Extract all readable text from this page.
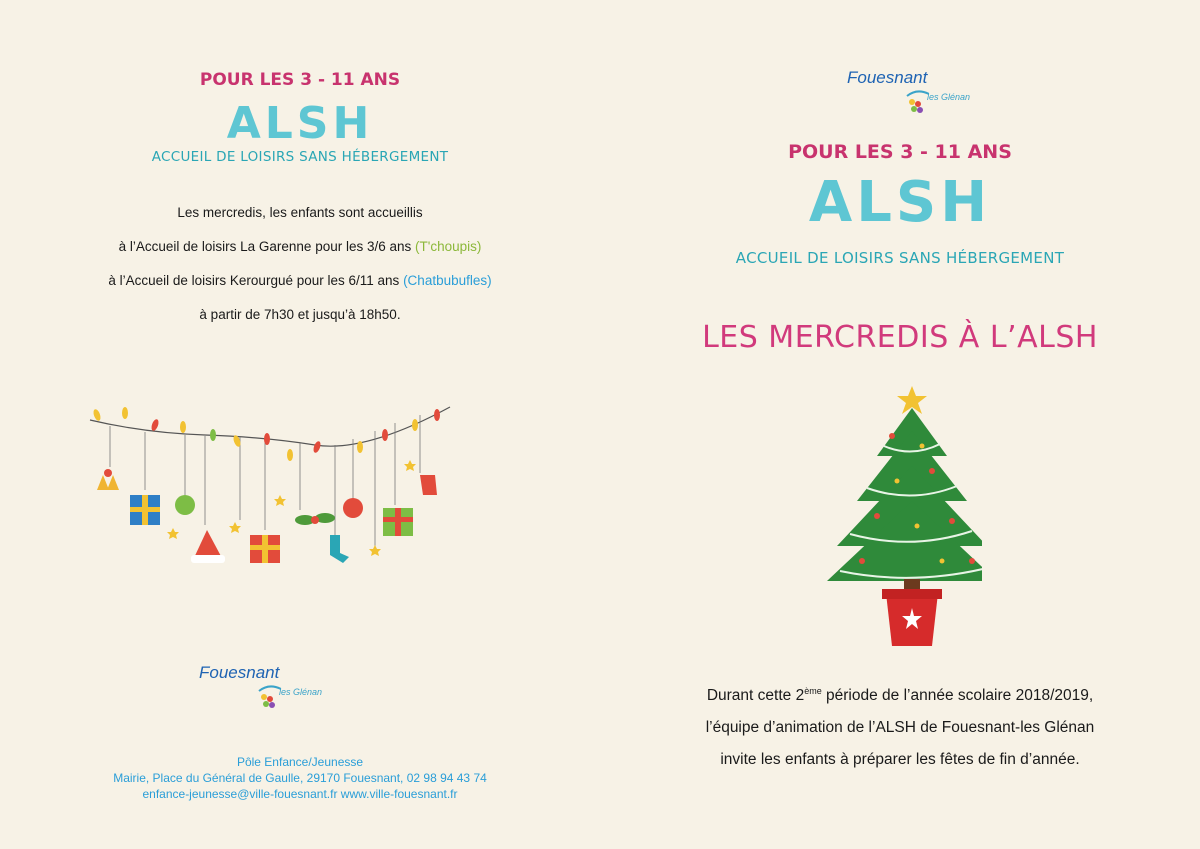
POUR LES 3 - 11 ANS
ALSH
ACCUEIL DE LOISIRS SANS HÉBERGEMENT
Les mercredis, les enfants sont accueillis
à l’Accueil de loisirs La Garenne pour les 3/6 ans (T'choupis)
à l’Accueil de loisirs Kerourgué pour les 6/11 ans (Chatbubufles)
à partir de 7h30 et jusqu’à 18h50.
Fouesnant
les Glénan
Pôle Enfance/Jeunesse
Mairie, Place du Général de Gaulle, 29170 Fouesnant, 02 98 94 43 74
enfance-jeunesse@ville-fouesnant.fr www.ville-fouesnant.fr
Fouesnant
les Glénan
POUR LES 3 - 11 ANS
ALSH
ACCUEIL DE LOISIRS SANS HÉBERGEMENT
LES MERCREDIS À L’ALSH
Durant cette 2ème période de l’année scolaire 2018/2019,
l’équipe d’animation de l’ALSH de Fouesnant-les Glénan
invite les enfants à préparer les fêtes de fin d’année.
